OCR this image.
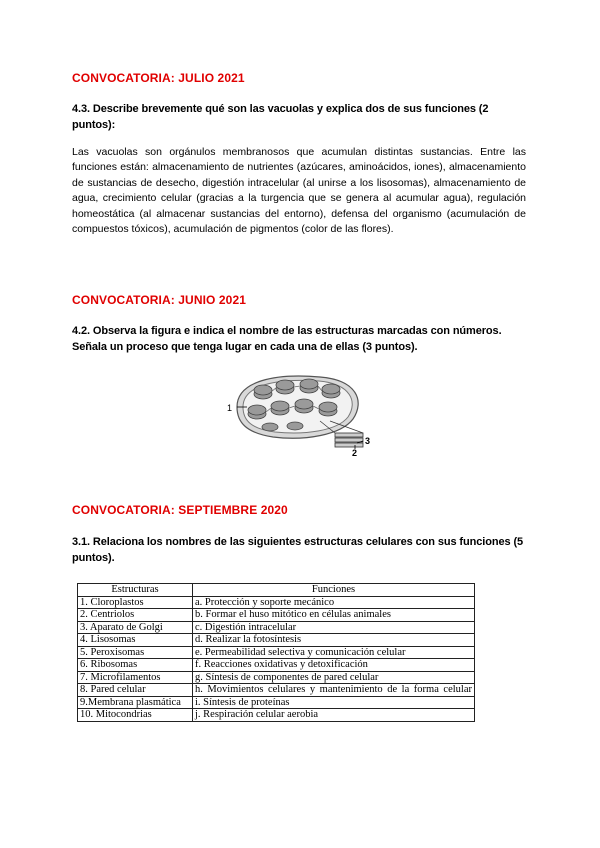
CONVOCATORIA: JULIO 2021
4.3. Describe brevemente qué son las vacuolas y explica dos de sus funciones (2 puntos):
Las vacuolas son orgánulos membranosos que acumulan distintas sustancias. Entre las funciones están: almacenamiento de nutrientes (azúcares, aminoácidos, iones), almacenamiento de sustancias de desecho, digestión intracelular (al unirse a los lisosomas), almacenamiento de agua, crecimiento celular (gracias a la turgencia que se genera al acumular agua), regulación homeostática (al almacenar sustancias del entorno), defensa del organismo (acumulación de compuestos tóxicos), acumulación de pigmentos (color de las flores).
CONVOCATORIA: JUNIO 2021
4.2. Observa la figura e indica el nombre de las estructuras marcadas con números. Señala un proceso que tenga lugar en cada una de ellas (3 puntos).
1
2
3
CONVOCATORIA: SEPTIEMBRE 2020
3.1. Relaciona los nombres de las siguientes estructuras celulares con sus funciones (5 puntos).
Estructuras	Funciones
1. Cloroplastos	a. Protección y soporte mecánico
2. Centriolos	b. Formar el huso mitótico en células animales
3. Aparato de Golgi	c. Digestión intracelular
4. Lisosomas	d. Realizar la fotosíntesis
5. Peroxisomas	e. Permeabilidad selectiva y comunicación celular
6. Ribosomas	f. Reacciones oxidativas y detoxificación
7. Microfilamentos	g. Síntesis de componentes de pared celular
8. Pared celular	h. Movimientos celulares y mantenimiento de la forma celular
9.Membrana plasmática	i. Síntesis de proteínas
10. Mitocondrias	j. Respiración celular aerobia
